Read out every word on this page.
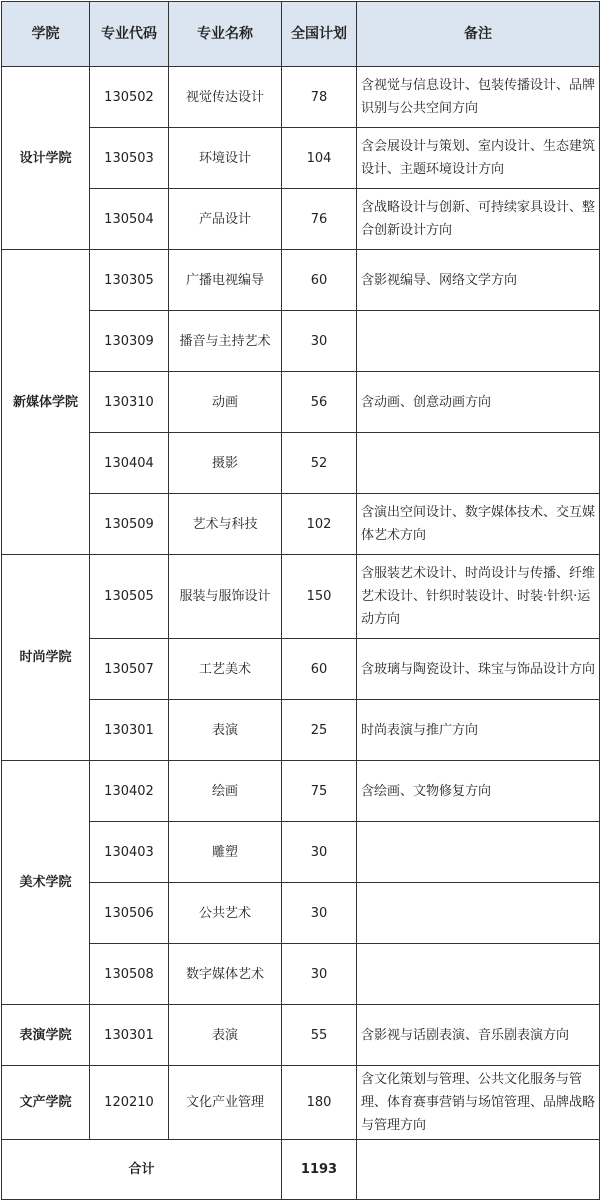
学院	专业代码	专业名称	全国计划	备注
设计学院	130502	视觉传达设计	78	含视觉与信息设计、包装传播设计、品牌识别与公共空间方向
	130503	环境设计	104	含会展设计与策划、室内设计、生态建筑设计、主题环境设计方向
	130504	产品设计	76	含战略设计与创新、可持续家具设计、整合创新设计方向
新媒体学院	130305	广播电视编导	60	含影视编导、网络文学方向
	130309	播音与主持艺术	30	
	130310	动画	56	含动画、创意动画方向
	130404	摄影	52	
	130509	艺术与科技	102	含演出空间设计、数字媒体技术、交互媒体艺术方向
时尚学院	130505	服装与服饰设计	150	含服装艺术设计、时尚设计与传播、纤维艺术设计、针织时装设计、时装·针织·运动方向
	130507	工艺美术	60	含玻璃与陶瓷设计、珠宝与饰品设计方向
	130301	表演	25	时尚表演与推广方向
美术学院	130402	绘画	75	含绘画、文物修复方向
	130403	雕塑	30	
	130506	公共艺术	30	
	130508	数字媒体艺术	30	
表演学院	130301	表演	55	含影视与话剧表演、音乐剧表演方向
文产学院	120210	文化产业管理	180	含文化策划与管理、公共文化服务与管理、体育赛事营销与场馆管理、品牌战略与管理方向
合计			1193	
